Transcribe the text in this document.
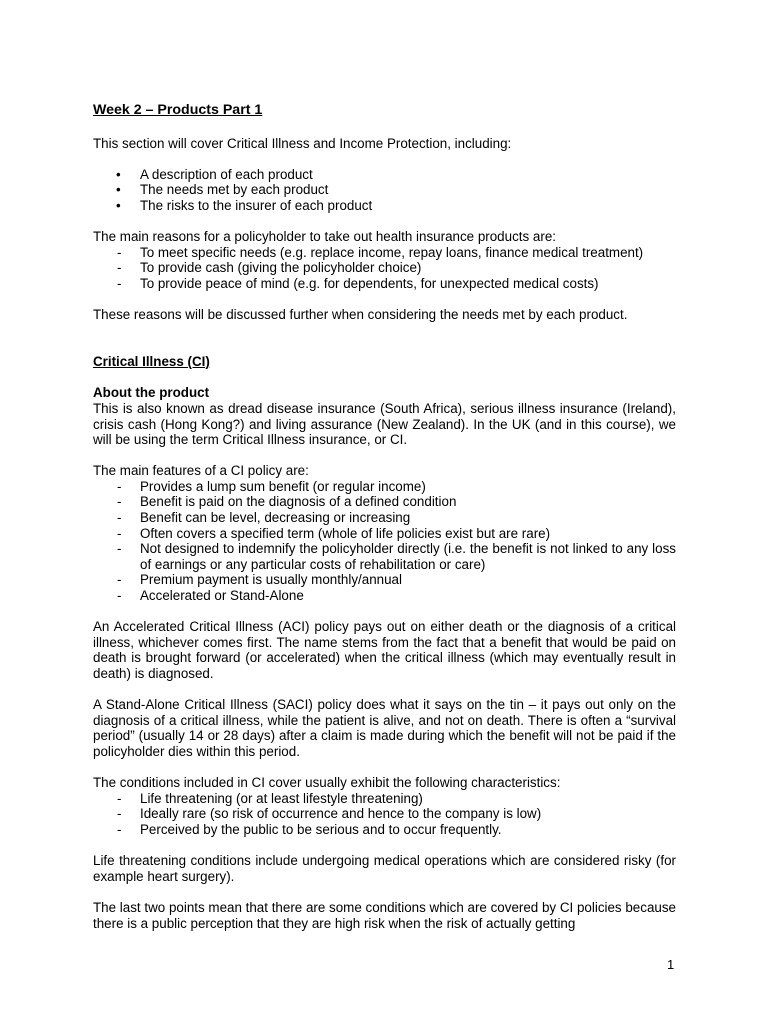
Week 2 – Products Part 1

This section will cover Critical Illness and Income Protection, including:

• A description of each product
• The needs met by each product
• The risks to the insurer of each product

The main reasons for a policyholder to take out health insurance products are:

- To meet specific needs (e.g. replace income, repay loans, finance medical treatment)
- To provide cash (giving the policyholder choice)
- To provide peace of mind (e.g. for dependents, for unexpected medical costs)

These reasons will be discussed further when considering the needs met by each product.

Critical Illness (CI)
About the product

This is also known as dread disease insurance (South Africa), serious illness insurance (Ireland), crisis cash (Hong Kong?) and living assurance (New Zealand). In the UK (and in this course), we will be using the term Critical Illness insurance, or CI.

The main features of a CI policy are:

- Provides a lump sum benefit (or regular income)
- Benefit is paid on the diagnosis of a defined condition
- Benefit can be level, decreasing or increasing
- Often covers a specified term (whole of life policies exist but are rare)
- Not designed to indemnify the policyholder directly (i.e. the benefit is not linked to any loss of earnings or any particular costs of rehabilitation or care)
- Premium payment is usually monthly/annual
- Accelerated or Stand-Alone

An Accelerated Critical Illness (ACI) policy pays out on either death or the diagnosis of a critical illness, whichever comes first. The name stems from the fact that a benefit that would be paid on death is brought forward (or accelerated) when the critical illness (which may eventually result in death) is diagnosed.

A Stand-Alone Critical Illness (SACI) policy does what it says on the tin – it pays out only on the diagnosis of a critical illness, while the patient is alive, and not on death. There is often a “survival period” (usually 14 or 28 days) after a claim is made during which the benefit will not be paid if the policyholder dies within this period.

The conditions included in CI cover usually exhibit the following characteristics:

- Life threatening (or at least lifestyle threatening)
- Ideally rare (so risk of occurrence and hence to the company is low)
- Perceived by the public to be serious and to occur frequently.

Life threatening conditions include undergoing medical operations which are considered risky (for example heart surgery).

The last two points mean that there are some conditions which are covered by CI policies because there is a public perception that they are high risk when the risk of actually getting

1
